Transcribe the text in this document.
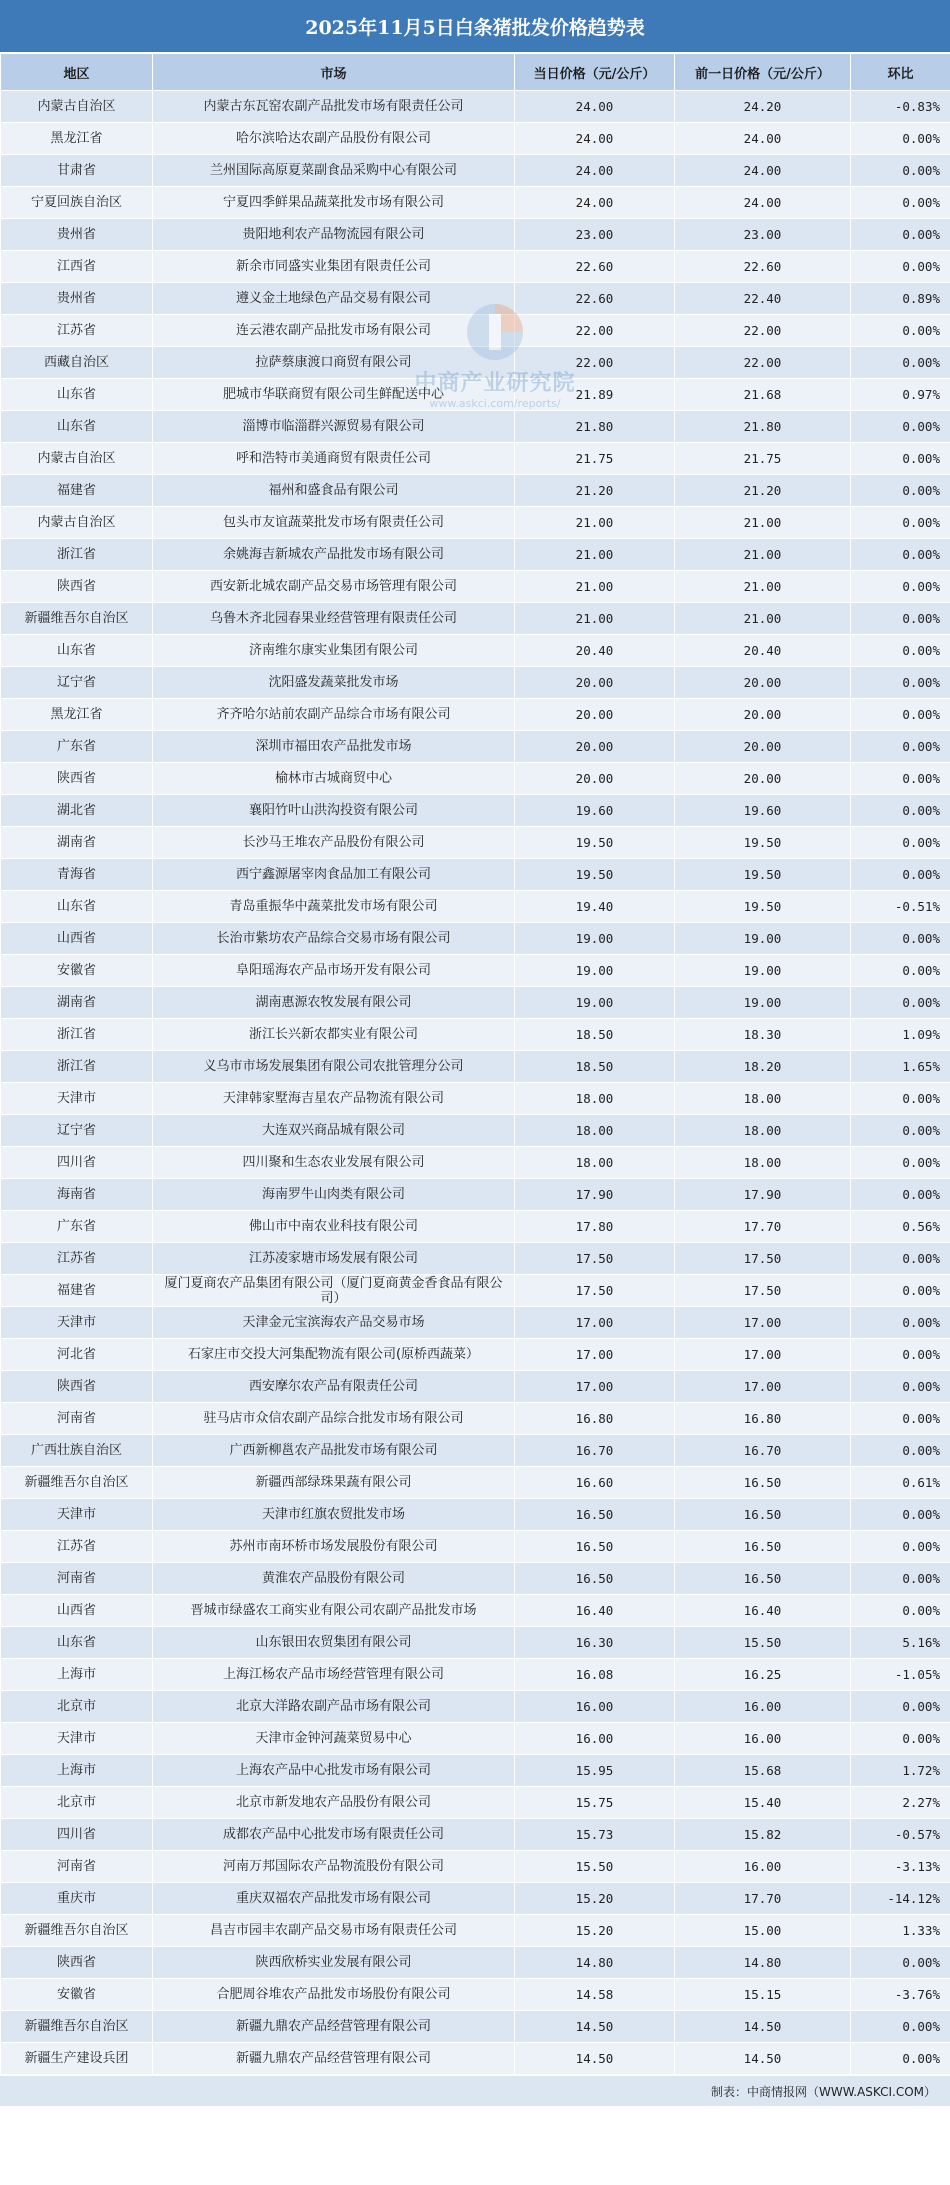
2025年11月5日白条猪批发价格趋势表
地区	市场	当日价格（元/公斤）	前一日价格（元/公斤）	环比
内蒙古自治区	内蒙古东瓦窑农副产品批发市场有限责任公司	24.00	24.20	-0.83%
黑龙江省	哈尔滨哈达农副产品股份有限公司	24.00	24.00	0.00%
甘肃省	兰州国际高原夏菜副食品采购中心有限公司	24.00	24.00	0.00%
宁夏回族自治区	宁夏四季鲜果品蔬菜批发市场有限公司	24.00	24.00	0.00%
贵州省	贵阳地利农产品物流园有限公司	23.00	23.00	0.00%
江西省	新余市同盛实业集团有限责任公司	22.60	22.60	0.00%
贵州省	遵义金土地绿色产品交易有限公司	22.60	22.40	0.89%
江苏省	连云港农副产品批发市场有限公司	22.00	22.00	0.00%
西藏自治区	拉萨蔡康渡口商贸有限公司	22.00	22.00	0.00%
山东省	肥城市华联商贸有限公司生鲜配送中心	21.89	21.68	0.97%
山东省	淄博市临淄群兴源贸易有限公司	21.80	21.80	0.00%
内蒙古自治区	呼和浩特市美通商贸有限责任公司	21.75	21.75	0.00%
福建省	福州和盛食品有限公司	21.20	21.20	0.00%
内蒙古自治区	包头市友谊蔬菜批发市场有限责任公司	21.00	21.00	0.00%
浙江省	余姚海吉新城农产品批发市场有限公司	21.00	21.00	0.00%
陕西省	西安新北城农副产品交易市场管理有限公司	21.00	21.00	0.00%
新疆维吾尔自治区	乌鲁木齐北园春果业经营管理有限责任公司	21.00	21.00	0.00%
山东省	济南维尔康实业集团有限公司	20.40	20.40	0.00%
辽宁省	沈阳盛发蔬菜批发市场	20.00	20.00	0.00%
黑龙江省	齐齐哈尔站前农副产品综合市场有限公司	20.00	20.00	0.00%
广东省	深圳市福田农产品批发市场	20.00	20.00	0.00%
陕西省	榆林市古城商贸中心	20.00	20.00	0.00%
湖北省	襄阳竹叶山洪沟投资有限公司	19.60	19.60	0.00%
湖南省	长沙马王堆农产品股份有限公司	19.50	19.50	0.00%
青海省	西宁鑫源屠宰肉食品加工有限公司	19.50	19.50	0.00%
山东省	青岛重振华中蔬菜批发市场有限公司	19.40	19.50	-0.51%
山西省	长治市紫坊农产品综合交易市场有限公司	19.00	19.00	0.00%
安徽省	阜阳瑶海农产品市场开发有限公司	19.00	19.00	0.00%
湖南省	湖南惠源农牧发展有限公司	19.00	19.00	0.00%
浙江省	浙江长兴新农都实业有限公司	18.50	18.30	1.09%
浙江省	义乌市市场发展集团有限公司农批管理分公司	18.50	18.20	1.65%
天津市	天津韩家墅海吉星农产品物流有限公司	18.00	18.00	0.00%
辽宁省	大连双兴商品城有限公司	18.00	18.00	0.00%
四川省	四川聚和生态农业发展有限公司	18.00	18.00	0.00%
海南省	海南罗牛山肉类有限公司	17.90	17.90	0.00%
广东省	佛山市中南农业科技有限公司	17.80	17.70	0.56%
江苏省	江苏凌家塘市场发展有限公司	17.50	17.50	0.00%
福建省	厦门夏商农产品集团有限公司（厦门夏商黄金香食品有限公司）	17.50	17.50	0.00%
天津市	天津金元宝滨海农产品交易市场	17.00	17.00	0.00%
河北省	石家庄市交投大河集配物流有限公司(原桥西蔬菜）	17.00	17.00	0.00%
陕西省	西安摩尔农产品有限责任公司	17.00	17.00	0.00%
河南省	驻马店市众信农副产品综合批发市场有限公司	16.80	16.80	0.00%
广西壮族自治区	广西新柳邕农产品批发市场有限公司	16.70	16.70	0.00%
新疆维吾尔自治区	新疆西部绿珠果蔬有限公司	16.60	16.50	0.61%
天津市	天津市红旗农贸批发市场	16.50	16.50	0.00%
江苏省	苏州市南环桥市场发展股份有限公司	16.50	16.50	0.00%
河南省	黄淮农产品股份有限公司	16.50	16.50	0.00%
山西省	晋城市绿盛农工商实业有限公司农副产品批发市场	16.40	16.40	0.00%
山东省	山东银田农贸集团有限公司	16.30	15.50	5.16%
上海市	上海江杨农产品市场经营管理有限公司	16.08	16.25	-1.05%
北京市	北京大洋路农副产品市场有限公司	16.00	16.00	0.00%
天津市	天津市金钟河蔬菜贸易中心	16.00	16.00	0.00%
上海市	上海农产品中心批发市场有限公司	15.95	15.68	1.72%
北京市	北京市新发地农产品股份有限公司	15.75	15.40	2.27%
四川省	成都农产品中心批发市场有限责任公司	15.73	15.82	-0.57%
河南省	河南万邦国际农产品物流股份有限公司	15.50	16.00	-3.13%
重庆市	重庆双福农产品批发市场有限公司	15.20	17.70	-14.12%
新疆维吾尔自治区	昌吉市园丰农副产品交易市场有限责任公司	15.20	15.00	1.33%
陕西省	陕西欣桥实业发展有限公司	14.80	14.80	0.00%
安徽省	合肥周谷堆农产品批发市场股份有限公司	14.58	15.15	-3.76%
新疆维吾尔自治区	新疆九鼎农产品经营管理有限公司	14.50	14.50	0.00%
新疆生产建设兵团	新疆九鼎农产品经营管理有限公司	14.50	14.50	0.00%
制表：中商情报网（WWW.ASKCI.COM）
中商产业研究院
www.askci.com/reports/
